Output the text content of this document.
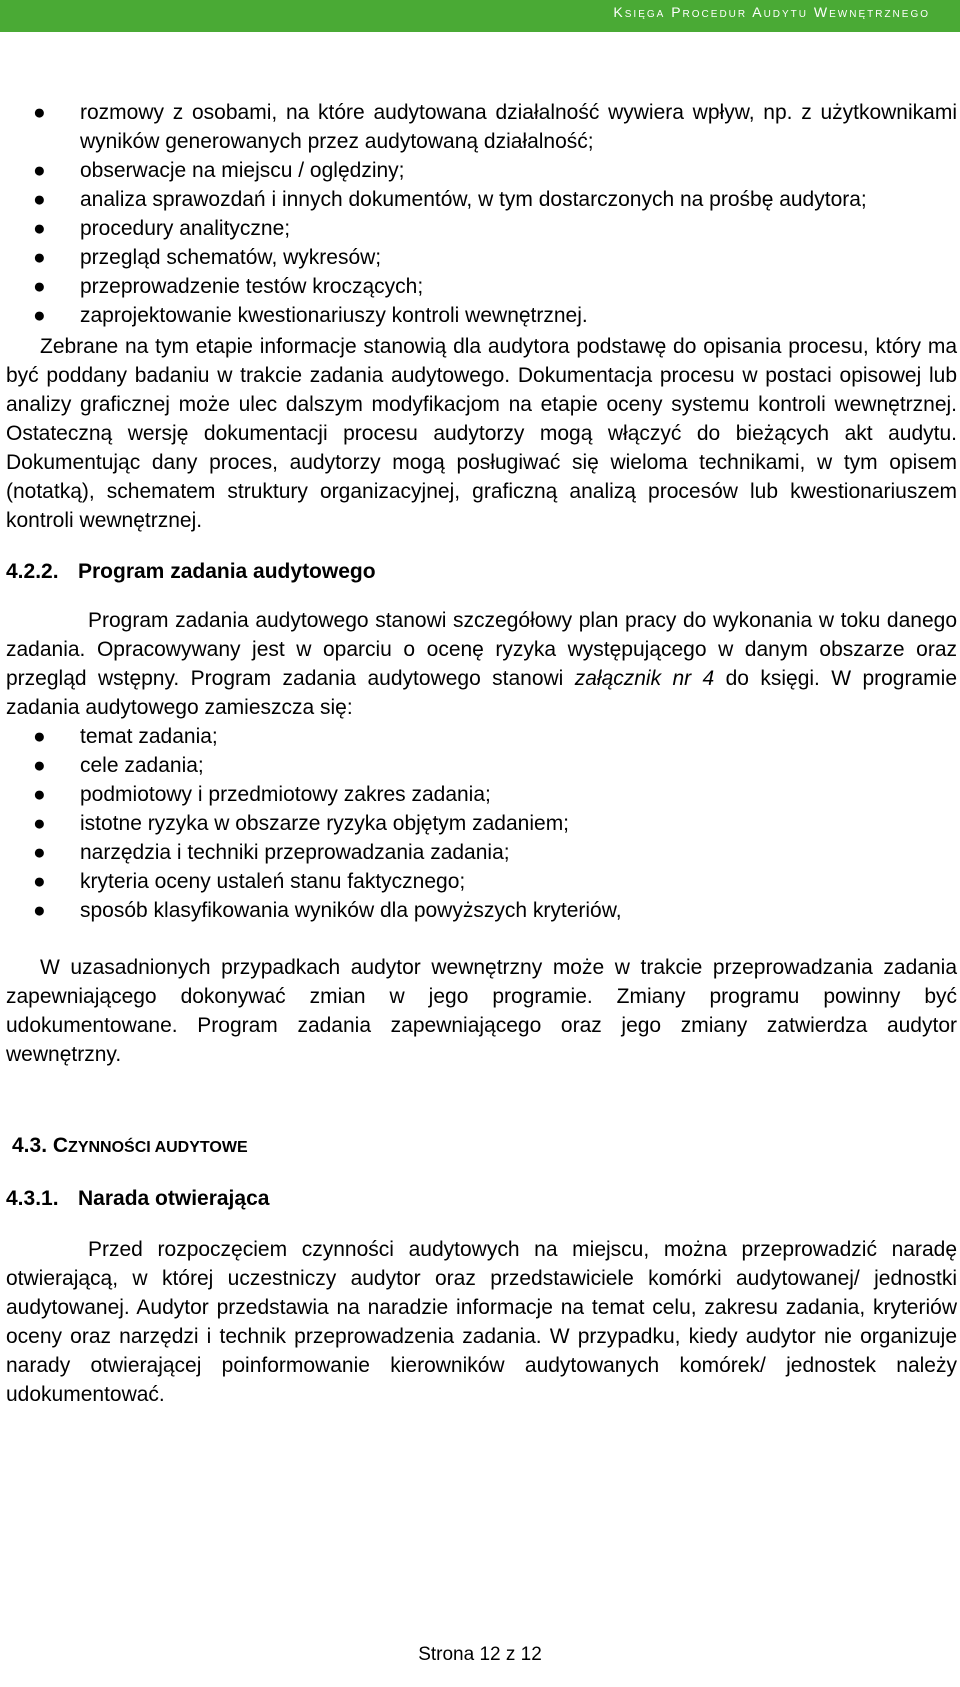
Księga Procedur Audytu Wewnętrznego
● rozmowy z osobami, na które audytowana działalność wywiera wpływ, np. z użytkownikami wyników generowanych przez audytowaną działalność;
● obserwacje na miejscu / oględziny;
● analiza sprawozdań i innych dokumentów, w tym dostarczonych na prośbę audytora;
● procedury analityczne;
● przegląd schematów, wykresów;
● przeprowadzenie testów kroczących;
● zaprojektowanie kwestionariuszy kontroli wewnętrznej.

Zebrane na tym etapie informacje stanowią dla audytora podstawę do opisania procesu, który ma być poddany badaniu w trakcie zadania audytowego. Dokumentacja procesu w postaci opisowej lub analizy graficznej może ulec dalszym modyfikacjom na etapie oceny systemu kontroli wewnętrznej. Ostateczną wersję dokumentacji procesu audytorzy mogą włączyć do bieżących akt audytu. Dokumentując dany proces, audytorzy mogą posługiwać się wieloma technikami, w tym opisem (notatką), schematem struktury organizacyjnej, graficzną analizą procesów lub kwestionariuszem kontroli wewnętrznej.

4.2.2. Program zadania audytowego

Program zadania audytowego stanowi szczegółowy plan pracy do wykonania w toku danego zadania. Opracowywany jest w oparciu o ocenę ryzyka występującego w danym obszarze oraz przegląd wstępny. Program zadania audytowego stanowi załącznik nr 4 do księgi. W programie zadania audytowego zamieszcza się:

● temat zadania;
● cele zadania;
● podmiotowy i przedmiotowy zakres zadania;
● istotne ryzyka w obszarze ryzyka objętym zadaniem;
● narzędzia i techniki przeprowadzania zadania;
● kryteria oceny ustaleń stanu faktycznego;
● sposób klasyfikowania wyników dla powyższych kryteriów,

W uzasadnionych przypadkach audytor wewnętrzny może w trakcie przeprowadzania zadania zapewniającego dokonywać zmian w jego programie. Zmiany programu powinny być udokumentowane. Program zadania zapewniającego oraz jego zmiany zatwierdza audytor wewnętrzny.

4.3. CZYNNOŚCI AUDYTOWE
4.3.1. Narada otwierająca

Przed rozpoczęciem czynności audytowych na miejscu, można przeprowadzić naradę otwierającą, w której uczestniczy audytor oraz przedstawiciele komórki audytowanej/ jednostki audytowanej. Audytor przedstawia na naradzie informacje na temat celu, zakresu zadania, kryteriów oceny oraz narzędzi i technik przeprowadzenia zadania. W przypadku, kiedy audytor nie organizuje narady otwierającej poinformowanie kierowników audytowanych komórek/ jednostek należy udokumentować.

Strona 12 z 12
